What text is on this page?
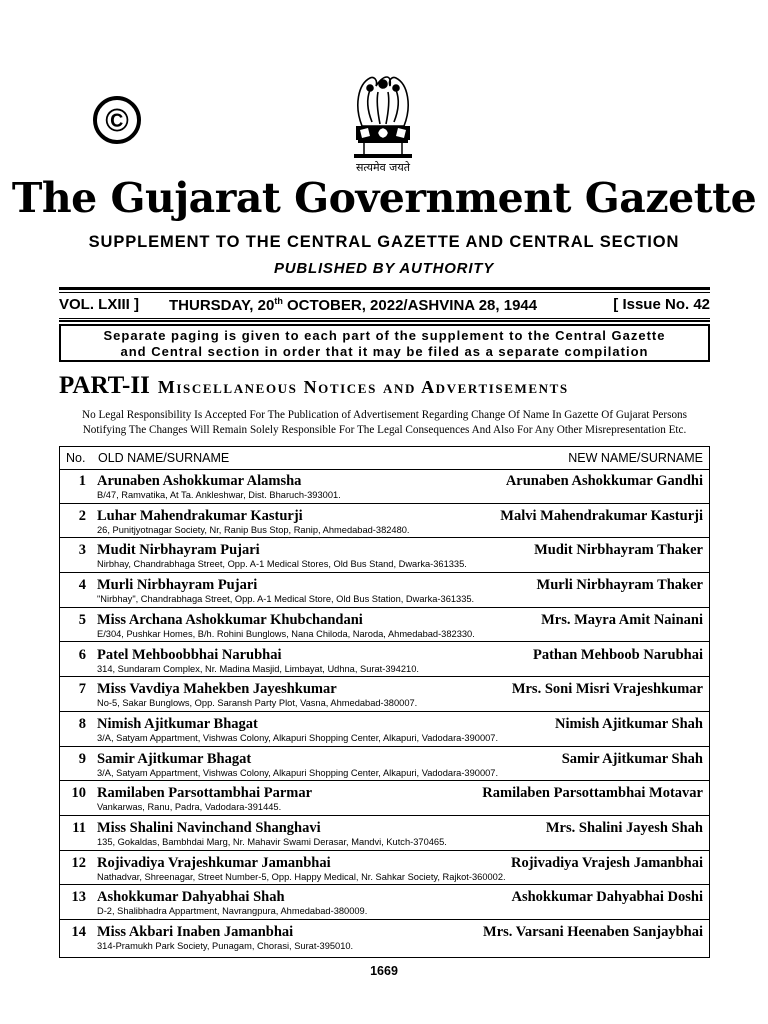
©
सत्यमेव जयते
The Gujarat Government Gazette
SUPPLEMENT TO THE CENTRAL GAZETTE AND CENTRAL SECTION
PUBLISHED BY AUTHORITY
VOL. LXIII ] THURSDAY, 20th OCTOBER, 2022/ASHVINA 28, 1944	[ Issue No. 42
Separate paging is given to each part of the supplement to the Central Gazette
and Central section in order that it may be filed as a separate compilation
PART-II Miscellaneous Notices and Advertisements
No Legal Responsibility Is Accepted For The Publication of Advertisement Regarding Change Of Name In Gazette Of Gujarat Persons
Notifying The Changes Will Remain Solely Responsible For The Legal Consequences And Also For Any Other Misrepresentation Etc.
No. OLD NAME/SURNAME	NEW NAME/SURNAME
1 Arunaben Ashokkumar Alamsha	Arunaben Ashokkumar Gandhi
B/47, Ramvatika, At Ta. Ankleshwar, Dist. Bharuch-393001.
2 Luhar Mahendrakumar Kasturji	Malvi Mahendrakumar Kasturji
26, Punitjyotnagar Society, Nr, Ranip Bus Stop, Ranip, Ahmedabad-382480.
3 Mudit Nirbhayram Pujari	Mudit Nirbhayram Thaker
Nirbhay, Chandrabhaga Street, Opp. A-1 Medical Stores, Old Bus Stand, Dwarka-361335.
4 Murli Nirbhayram Pujari	Murli Nirbhayram Thaker
"Nirbhay", Chandrabhaga Street, Opp. A-1 Medical Store, Old Bus Station, Dwarka-361335.
5 Miss Archana Ashokkumar Khubchandani	Mrs. Mayra Amit Nainani
E/304, Pushkar Homes, B/h. Rohini Bunglows, Nana Chiloda, Naroda, Ahmedabad-382330.
6 Patel Mehboobbhai Narubhai	Pathan Mehboob Narubhai
314, Sundaram Complex, Nr. Madina Masjid, Limbayat, Udhna, Surat-394210.
7 Miss Vavdiya Mahekben Jayeshkumar	Mrs. Soni Misri Vrajeshkumar
No-5, Sakar Bunglows, Opp. Saransh Party Plot, Vasna, Ahmedabad-380007.
8 Nimish Ajitkumar Bhagat	Nimish Ajitkumar Shah
3/A, Satyam Appartment, Vishwas Colony, Alkapuri Shopping Center, Alkapuri, Vadodara-390007.
9 Samir Ajitkumar Bhagat	Samir Ajitkumar Shah
3/A, Satyam Appartment, Vishwas Colony, Alkapuri Shopping Center, Alkapuri, Vadodara-390007.
10 Ramilaben Parsottambhai Parmar	Ramilaben Parsottambhai Motavar
Vankarwas, Ranu, Padra, Vadodara-391445.
11 Miss Shalini Navinchand Shanghavi	Mrs. Shalini Jayesh Shah
135, Gokaldas, Bambhdai Marg, Nr. Mahavir Swami Derasar, Mandvi, Kutch-370465.
12 Rojivadiya Vrajeshkumar Jamanbhai	Rojivadiya Vrajesh Jamanbhai
Nathadvar, Shreenagar, Street Number-5, Opp. Happy Medical, Nr. Sahkar Society, Rajkot-360002.
13 Ashokkumar Dahyabhai Shah	Ashokkumar Dahyabhai Doshi
D-2, Shalibhadra Appartment, Navrangpura, Ahmedabad-380009.
14 Miss Akbari Inaben Jamanbhai	Mrs. Varsani Heenaben Sanjaybhai
314-Pramukh Park Society, Punagam, Chorasi, Surat-395010.
1669
